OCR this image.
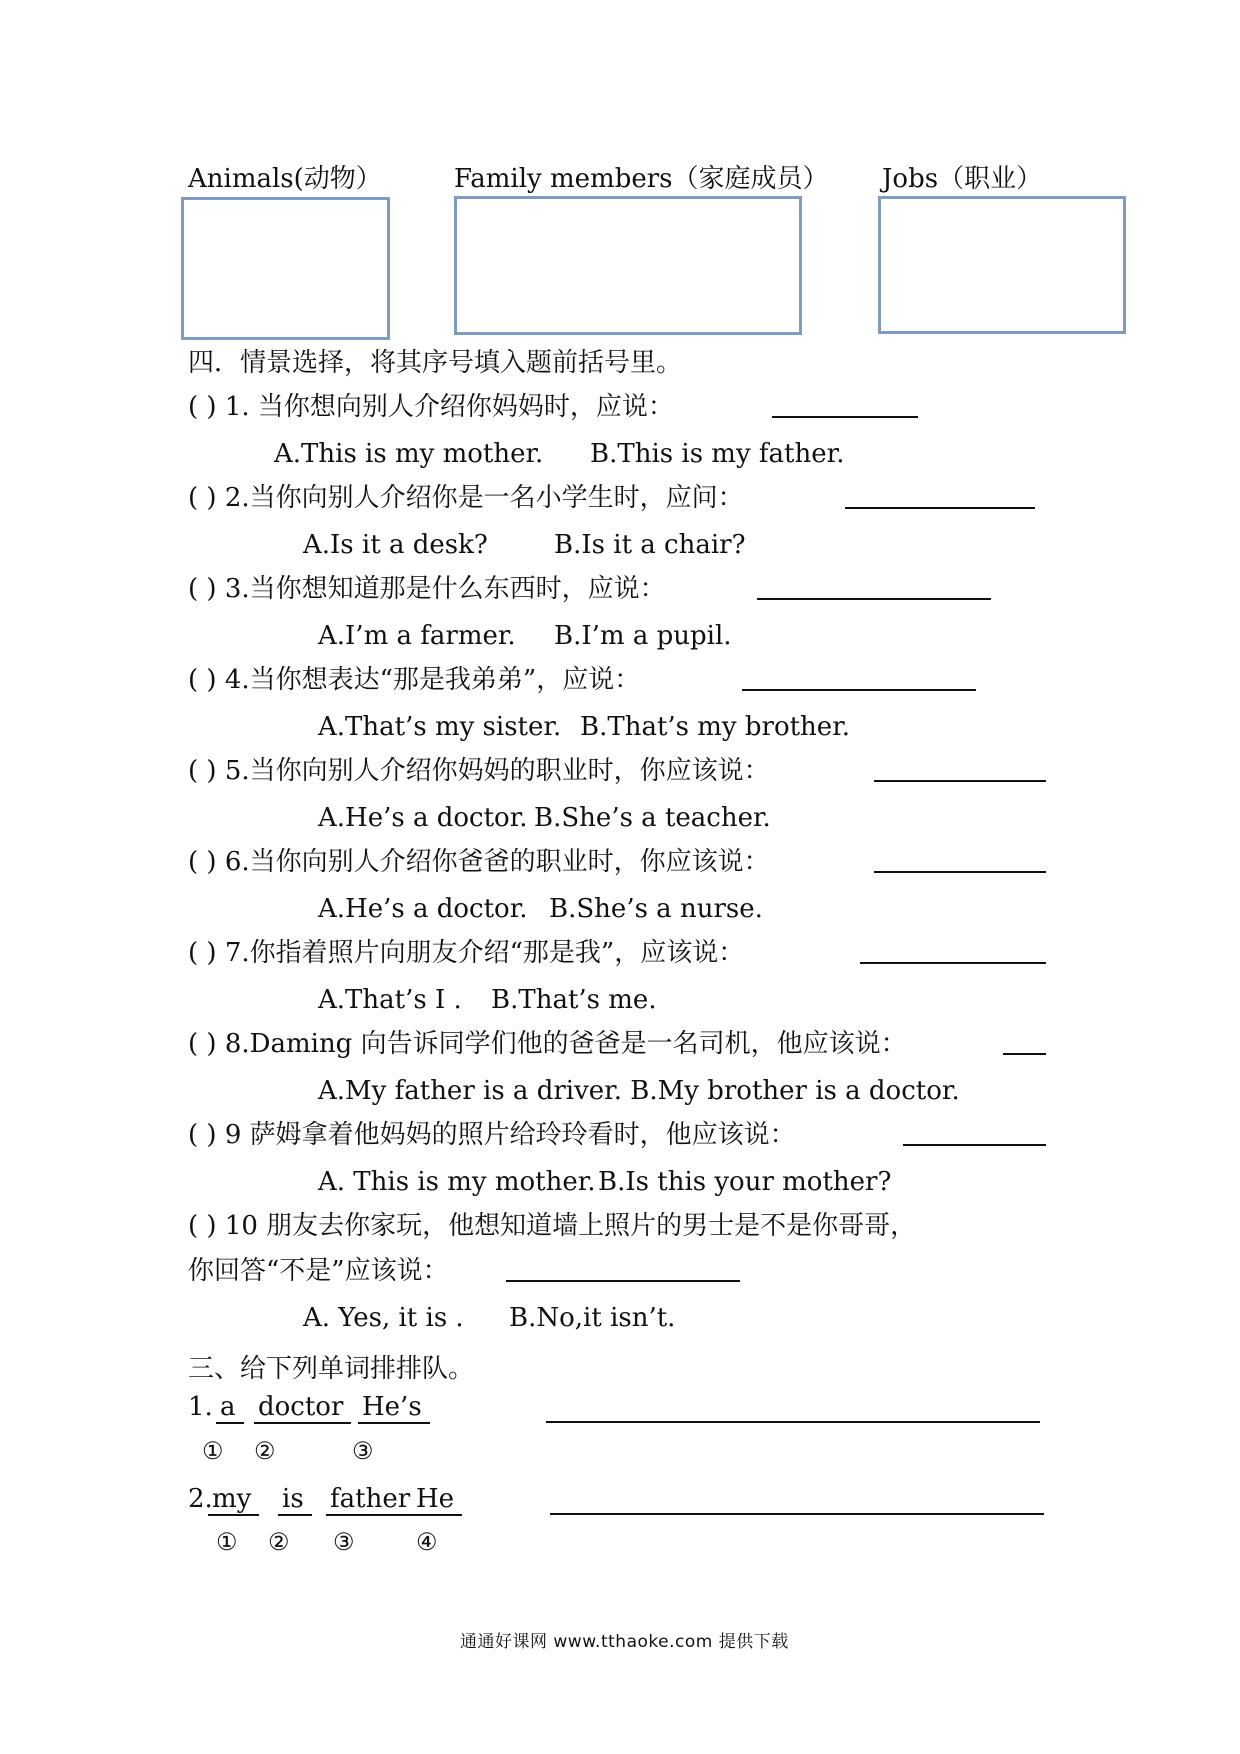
Animals(动物）	Family members（家庭成员） Jobs（职业）
四．情景选择，将其序号填入题前括号里。
( ) 1. 当你想向别人介绍你妈妈时，应说：
A.This is my mother. B.This is my father.
( ) 2.当你向别人介绍你是一名小学生时，应问：
A.Is it a desk?	B.Is it a chair?
( ) 3.当你想知道那是什么东西时，应说：
A.I’m a farmer. B.I’m a pupil.
( ) 4.当你想表达“那是我弟弟”，应说：
A.That’s my sister. B.That’s my brother.
( ) 5.当你向别人介绍你妈妈的职业时，你应该说：
A.He’s a doctor. B.She’s a teacher.
( ) 6.当你向别人介绍你爸爸的职业时，你应该说：
A.He’s a doctor. B.She’s a nurse.
( ) 7.你指着照片向朋友介绍“那是我”，应该说：
A.That’s I . B.That’s me.
( ) 8.Daming 向告诉同学们他的爸爸是一名司机，他应该说：
A.My father is a driver. B.My brother is a doctor.
( ) 9 萨姆拿着他妈妈的照片给玲玲看时，他应该说：
A. This is my mother. B.Is this your mother?
( ) 10 朋友去你家玩，他想知道墙上照片的男士是不是你哥哥，
你回答“不是”应该说：
A. Yes, it is . B.No,it isn’t.
三、给下列单词排排队。
1. a doctor He’s
① ②	③
2. my	is	father He
① ② ③	④
通通好课网 www.tthaoke.com 提供下载
